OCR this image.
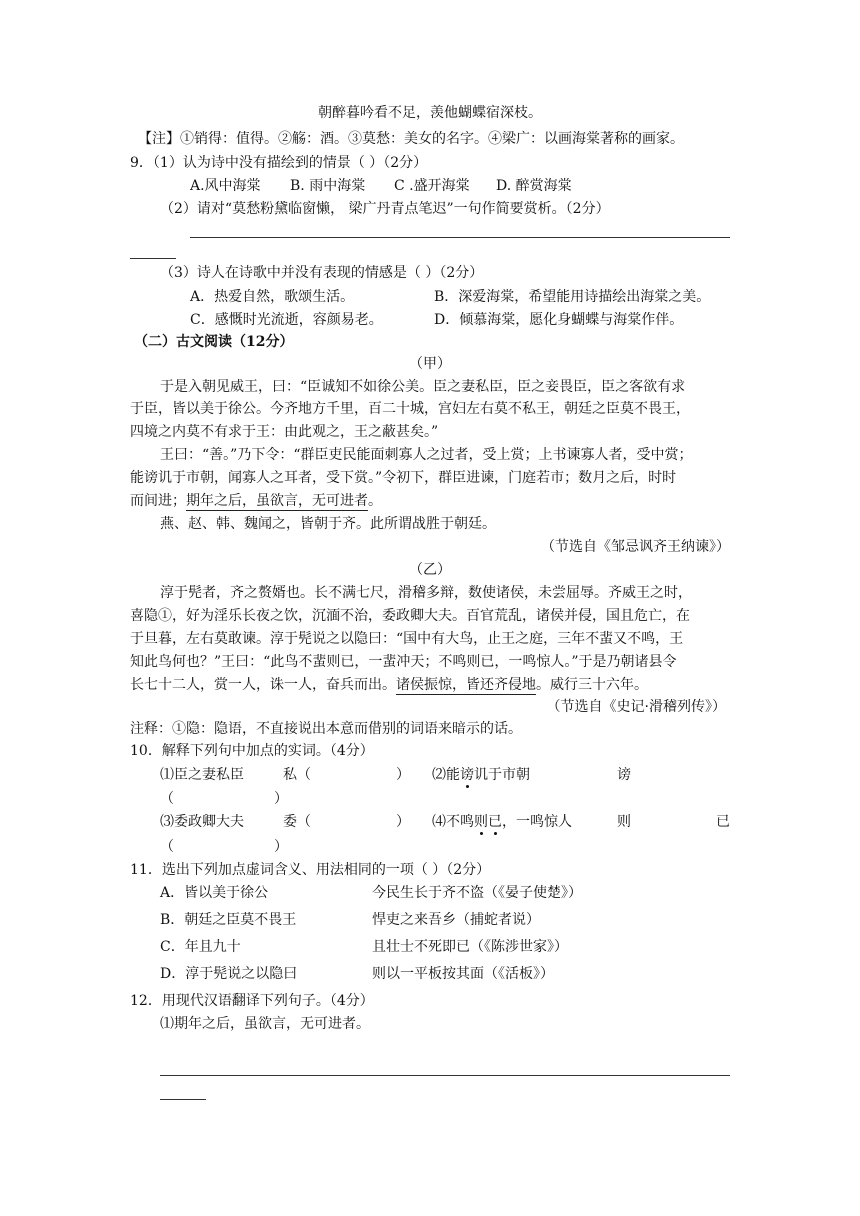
朝醉暮吟看不足，羡他蝴蝶宿深枝。
【注】①销得：值得。②觞：酒。③莫愁：美女的名字。④梁广：以画海棠著称的画家。
9．（1）认为诗中没有描绘到的情景（ ）（2分）
A.风中海棠 B. 雨中海棠 C .盛开海棠 D. 醉赏海棠
（2）请对“莫愁粉黛临窗懒， 梁广丹青点笔迟”一句作简要赏析。（2分）
（3）诗人在诗歌中并没有表现的情感是（ ）（2分）
A．热爱自然，歌颂生活。	B．深爱海棠，希望能用诗描绘出海棠之美。
C．感慨时光流逝，容颜易老。	D．倾慕海棠，愿化身蝴蝶与海棠作伴。
（二）古文阅读（12分）
（甲）
于是入朝见威王，曰：“臣诚知不如徐公美。臣之妻私臣，臣之妾畏臣，臣之客欲有求
于臣，皆以美于徐公。今齐地方千里，百二十城，宫妇左右莫不私王，朝廷之臣莫不畏王，
四境之内莫不有求于王：由此观之，王之蔽甚矣。”
王曰：“善。”乃下令：“群臣吏民能面刺寡人之过者，受上赏；上书谏寡人者，受中赏；
能谤讥于市朝，闻寡人之耳者，受下赏。”令初下，群臣进谏，门庭若市；数月之后，时时
而间进；期年之后，虽欲言，无可进者。
燕、赵、韩、魏闻之，皆朝于齐。此所谓战胜于朝廷。
（节选自《邹忌讽齐王纳谏》）
（乙）
淳于髡者，齐之赘婿也。长不满七尺，滑稽多辩，数使诸侯，未尝屈辱。齐威王之时，
喜隐①，好为淫乐长夜之饮，沉湎不治，委政卿大夫。百官荒乱，诸侯并侵，国且危亡，在
于旦暮，左右莫敢谏。淳于髡说之以隐曰：“国中有大鸟，止王之庭，三年不蜚又不鸣，王
知此鸟何也？”王曰：“此鸟不蜚则已，一蜚冲天；不鸣则已，一鸣惊人。”于是乃朝诸县令
长七十二人，赏一人，诛一人，奋兵而出。诸侯振惊，皆还齐侵地。威行三十六年。
（节选自《史记·滑稽列传》）
注释：①隐：隐语，不直接说出本意而借别的词语来暗示的话。
10．解释下列句中加点的实词。（4分）
⑴臣之妻私臣	私（	） ⑵能谤讥于市朝	谤
（	）
⑶委政卿大夫	委（	） ⑷不鸣则已，一鸣惊人	则	已
（	）
11．选出下列加点虚词含义、用法相同的一项（ ）（2分）
A．皆以美于徐公	今民生长于齐不盗（《晏子使楚》）
B．朝廷之臣莫不畏王	悍吏之来吾乡（捕蛇者说）
C．年且九十	且壮士不死即已（《陈涉世家》）
D．淳于髡说之以隐曰	则以一平板按其面（《活板》）
12．用现代汉语翻译下列句子。（4分）
⑴期年之后，虽欲言，无可进者。
